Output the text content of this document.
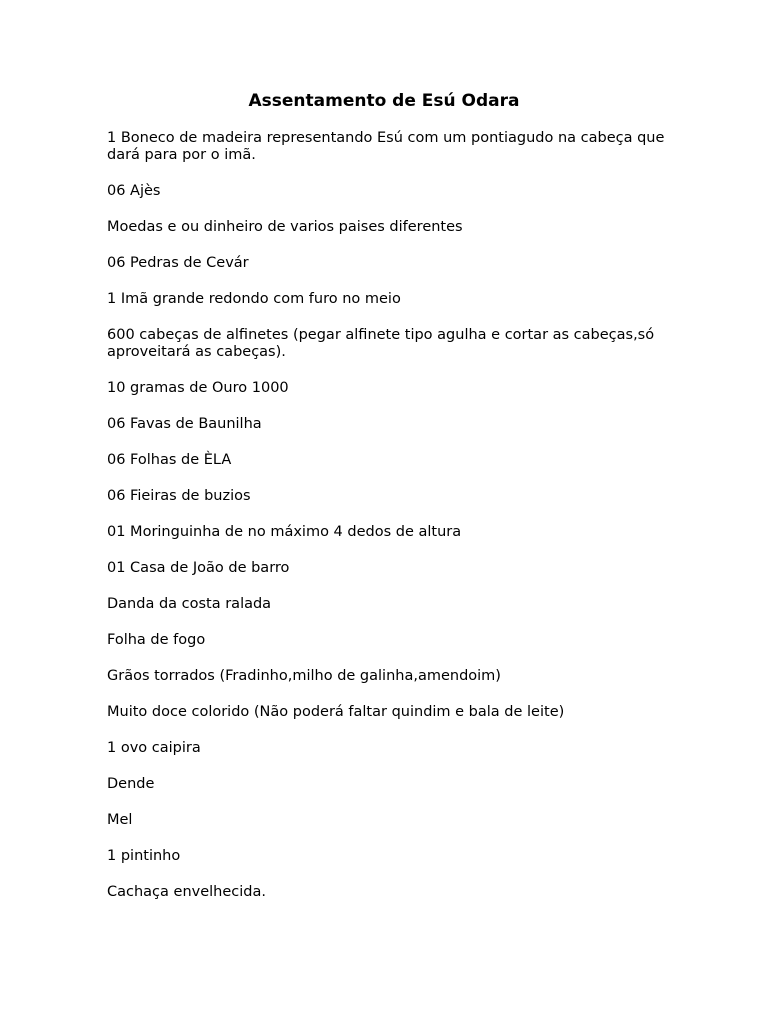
Assentamento de Esú Odara
1 Boneco de madeira representando Esú com um pontiagudo na cabeça que dará para por o imã.
06 Ajès
Moedas e ou dinheiro de varios paises diferentes
06 Pedras de Cevár
1 Imã grande redondo com furo no meio
600 cabeças de alfinetes (pegar alfinete tipo agulha e cortar as cabeças,só aproveitará as cabeças).
10 gramas de Ouro 1000
06 Favas de Baunilha
06 Folhas de ÈLA
06 Fieiras de buzios
01 Moringuinha de no máximo 4 dedos de altura
01 Casa de João de barro
Danda da costa ralada
Folha de fogo
Grãos torrados (Fradinho,milho de galinha,amendoim)
Muito doce colorido (Não poderá faltar quindim e bala de leite)
1 ovo caipira
Dende
Mel
1 pintinho
Cachaça envelhecida.
